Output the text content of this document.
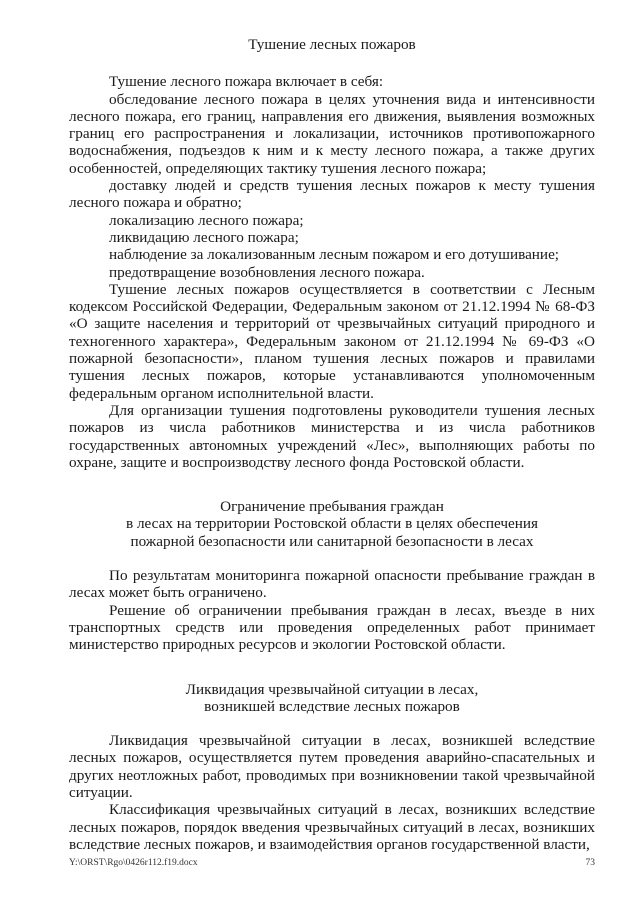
Тушение лесных пожаров

Тушение лесного пожара включает в себя:

обследование лесного пожара в целях уточнения вида и интенсивности лесного пожара, его границ, направления его движения, выявления возможных границ его распространения и локализации, источников противопожарного водоснабжения, подъездов к ним и к месту лесного пожара, а также других особенностей, определяющих тактику тушения лесного пожара;

доставку людей и средств тушения лесных пожаров к месту тушения лесного пожара и обратно;

локализацию лесного пожара;

ликвидацию лесного пожара;

наблюдение за локализованным лесным пожаром и его дотушивание;

предотвращение возобновления лесного пожара.

Тушение лесных пожаров осуществляется в соответствии с Лесным кодексом Российской Федерации, Федеральным законом от 21.12.1994 № 68-ФЗ «О защите населения и территорий от чрезвычайных ситуаций природного и техногенного характера», Федеральным законом от 21.12.1994 № 69-ФЗ «О пожарной безопасности», планом тушения лесных пожаров и правилами тушения лесных пожаров, которые устанавливаются уполномоченным федеральным органом исполнительной власти.

Для организации тушения подготовлены руководители тушения лесных пожаров из числа работников министерства и из числа работников государственных автономных учреждений «Лес», выполняющих работы по охране, защите и воспроизводству лесного фонда Ростовской области.

Ограничение пребывания граждан
в лесах на территории Ростовской области в целях обеспечения
пожарной безопасности или санитарной безопасности в лесах

По результатам мониторинга пожарной опасности пребывание граждан в лесах может быть ограничено.

Решение об ограничении пребывания граждан в лесах, въезде в них транспортных средств или проведения определенных работ принимает министерство природных ресурсов и экологии Ростовской области.

Ликвидация чрезвычайной ситуации в лесах,
возникшей вследствие лесных пожаров

Ликвидация чрезвычайной ситуации в лесах, возникшей вследствие лесных пожаров, осуществляется путем проведения аварийно-спасательных и других неотложных работ, проводимых при возникновении такой чрезвычайной ситуации.

Классификация чрезвычайных ситуаций в лесах, возникших вследствие лесных пожаров, порядок введения чрезвычайных ситуаций в лесах, возникших вследствие лесных пожаров, и взаимодействия органов государственной власти,

Y:\ORST\Rgo\0426r112.f19.docx	73
